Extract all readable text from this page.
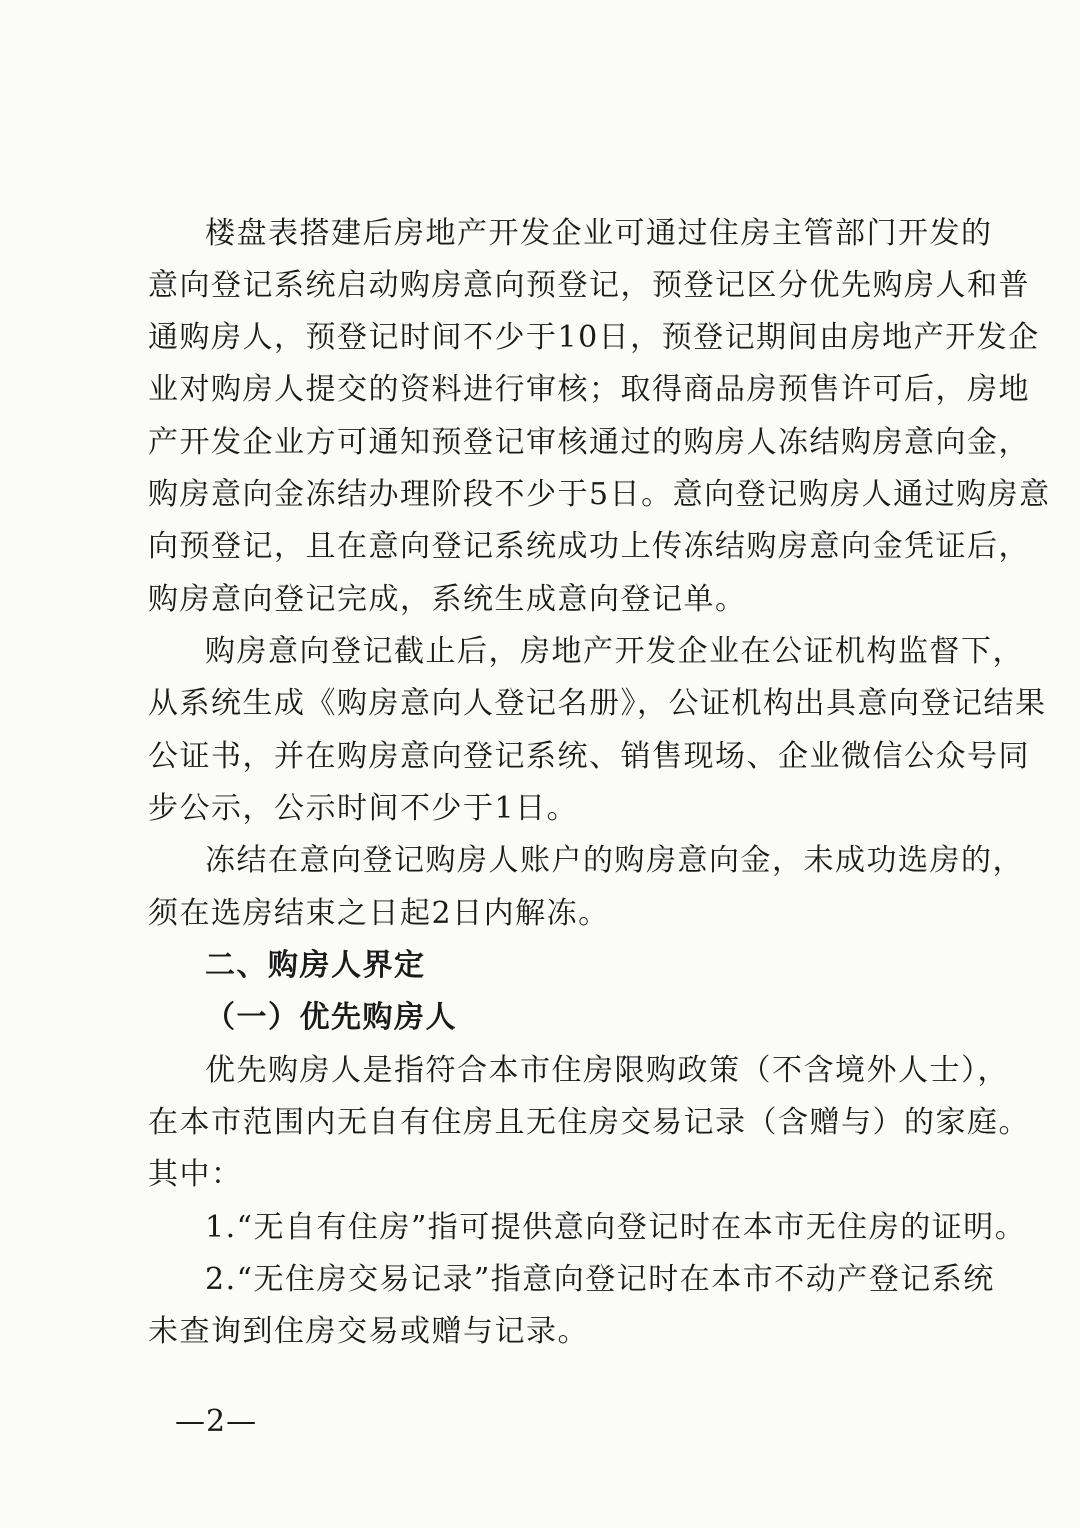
楼盘表搭建后房地产开发企业可通过住房主管部门开发的
意向登记系统启动购房意向预登记，预登记区分优先购房人和普
通购房人，预登记时间不少于10日，预登记期间由房地产开发企
业对购房人提交的资料进行审核；取得商品房预售许可后，房地
产开发企业方可通知预登记审核通过的购房人冻结购房意向金，
购房意向金冻结办理阶段不少于5日。意向登记购房人通过购房意
向预登记，且在意向登记系统成功上传冻结购房意向金凭证后，
购房意向登记完成，系统生成意向登记单。
购房意向登记截止后，房地产开发企业在公证机构监督下，
从系统生成《购房意向人登记名册》，公证机构出具意向登记结果
公证书，并在购房意向登记系统、销售现场、企业微信公众号同
步公示，公示时间不少于1日。
冻结在意向登记购房人账户的购房意向金，未成功选房的，
须在选房结束之日起2日内解冻。
二、购房人界定
（一）优先购房人
优先购房人是指符合本市住房限购政策（不含境外人士），
在本市范围内无自有住房且无住房交易记录（含赠与）的家庭。
其中：
1.“无自有住房”指可提供意向登记时在本市无住房的证明。
2.“无住房交易记录”指意向登记时在本市不动产登记系统
未查询到住房交易或赠与记录。
—2—
